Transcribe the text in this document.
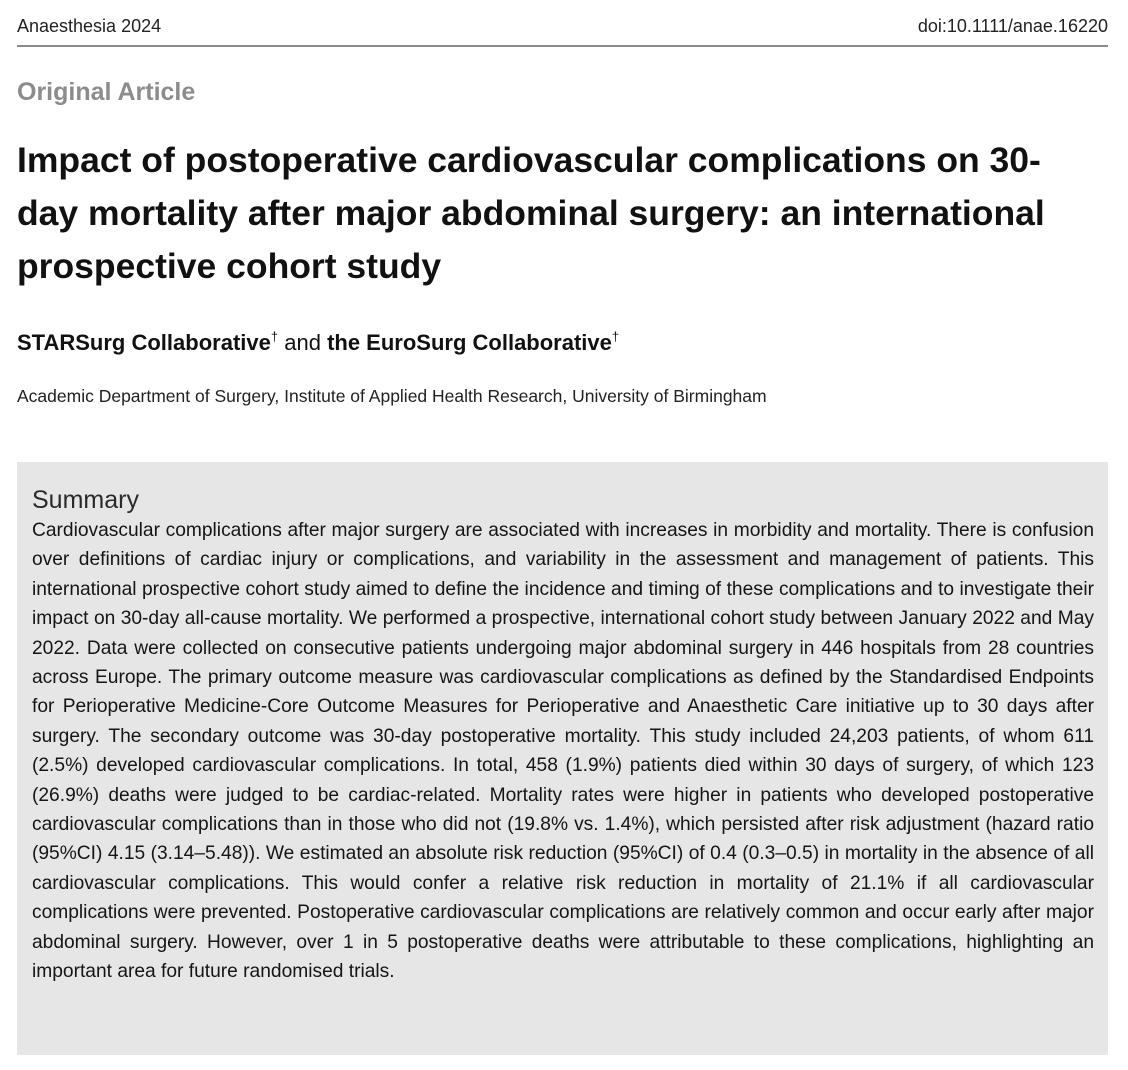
Anaesthesia 2024	doi:10.1111/anae.16220
Original Article
Impact of postoperative cardiovascular complications on 30-day mortality after major abdominal surgery: an international prospective cohort study
STARSurg Collaborative† and the EuroSurg Collaborative†
Academic Department of Surgery, Institute of Applied Health Research, University of Birmingham
Summary

Cardiovascular complications after major surgery are associated with increases in morbidity and mortality. There is confusion over definitions of cardiac injury or complications, and variability in the assessment and management of patients. This international prospective cohort study aimed to define the incidence and timing of these complications and to investigate their impact on 30-day all-cause mortality. We performed a prospective, international cohort study between January 2022 and May 2022. Data were collected on consecutive patients undergoing major abdominal surgery in 446 hospitals from 28 countries across Europe. The primary outcome measure was cardiovascular complications as defined by the Standardised Endpoints for Perioperative Medicine-Core Outcome Measures for Perioperative and Anaesthetic Care initiative up to 30 days after surgery. The secondary outcome was 30-day postoperative mortality. This study included 24,203 patients, of whom 611 (2.5%) developed cardiovascular complications. In total, 458 (1.9%) patients died within 30 days of surgery, of which 123 (26.9%) deaths were judged to be cardiac-related. Mortality rates were higher in patients who developed postoperative cardiovascular complications than in those who did not (19.8% vs. 1.4%), which persisted after risk adjustment (hazard ratio (95%CI) 4.15 (3.14–5.48)). We estimated an absolute risk reduction (95%CI) of 0.4 (0.3–0.5) in mortality in the absence of all cardiovascular complications. This would confer a relative risk reduction in mortality of 21.1% if all cardiovascular complications were prevented. Postoperative cardiovascular complications are relatively common and occur early after major abdominal surgery. However, over 1 in 5 postoperative deaths were attributable to these complications, highlighting an important area for future randomised trials.
